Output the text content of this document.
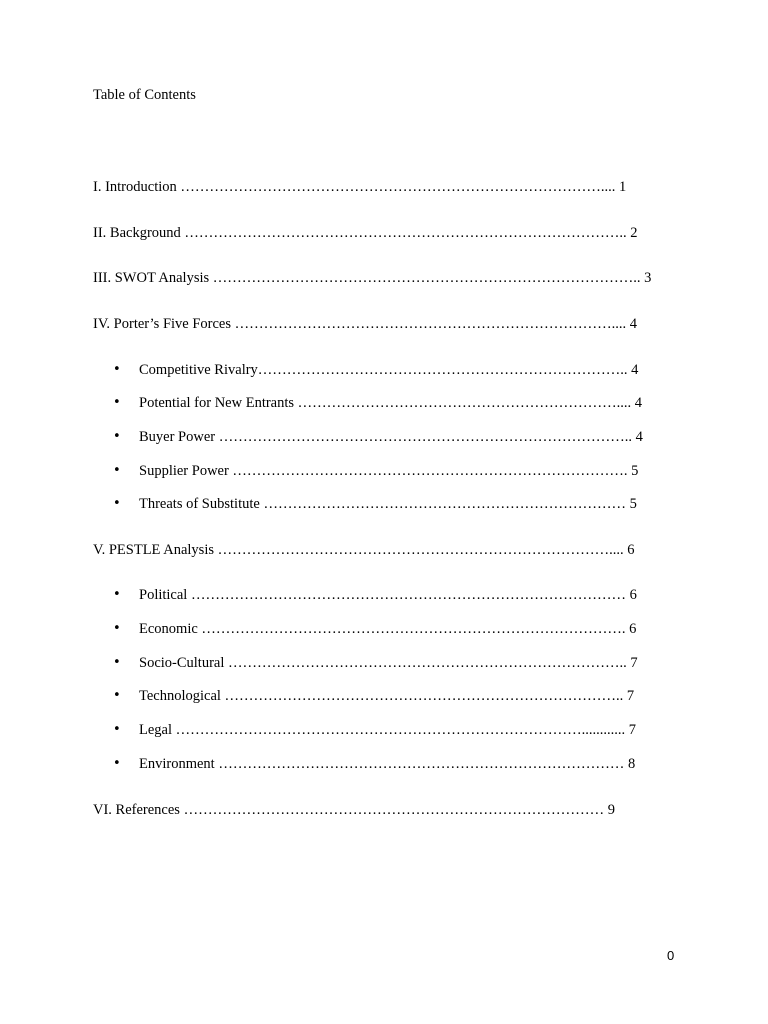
Table of Contents
I. Introduction …………………………………………………………………………….... 1
II. Background ……………………………………………………………………………….. 2
III. SWOT Analysis …………………………………………………………………………….. 3
IV. Porter’s Five Forces …………………………………………………………………….... 4
• Competitive Rivalry………………………………………………………………….. 4
• Potential for New Entrants ………………………………………………………….... 4
• Buyer Power ………………………………………………………………………….. 4
• Supplier Power ………………………………………………………………………. 5
• Threats of Substitute ………………………………………………………………… 5
V. PESTLE Analysis ……………………………………………………………………….... 6
• Political ……………………………………………………………………………… 6
• Economic ……………………………………………………………………………. 6
• Socio-Cultural ……………………………………………………………………….. 7
• Technological ……………………………………………………………………….. 7
• Legal …………………………………………………………………………............ 7
• Environment ………………………………………………………………………… 8
VI. References …………………………………………………………………………… 9
0
